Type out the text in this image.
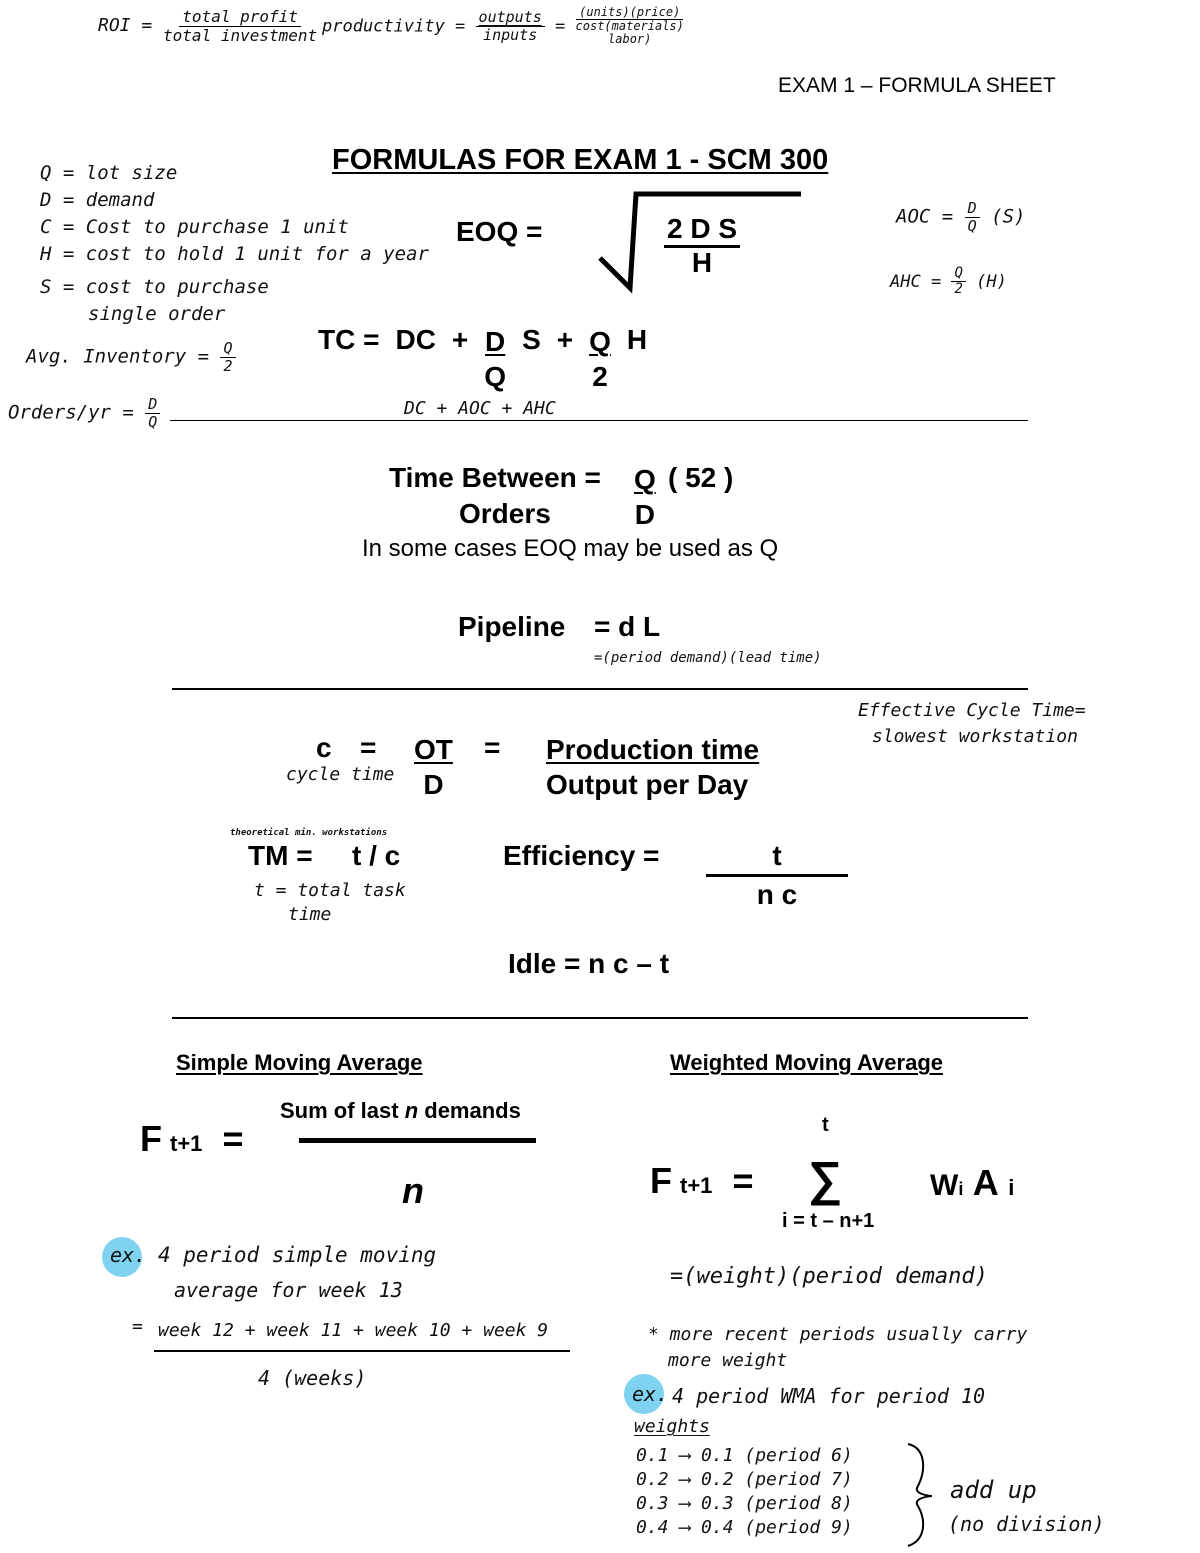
ROI = $\frac{\text{total profit}}{\text{total investment}}$ productivity = $\frac{\text{outputs}}{\text{inputs}}$ =
(units)(price)
cost(materials)
labor)
EXAM 1 – FORMULA SHEET
FORMULAS FOR EXAM 1 - SCM 300
Q = lot size
D = demand
C = Cost to purchase 1 unit
H = cost to hold 1 unit for a year
S = cost to purchase
single order
Avg. Inventory = $\frac{Q}{2}$
Orders/yr = $\frac{D}{Q}$
EOQ =	$\frac{\text{2 D S}}{H}$	AOC = $\frac{D}{Q} (S)$
AHC = $\frac{Q}{2} (H)$
TC = DC + $\frac{D}{Q}$ $S + \frac{Q}{2}$ H
DC + AOC + AHC
Time Between =
Orders	$\frac{Q}{D}$ ( 52 )
In some cases EOQ may be used as Q
Pipeline = d L
=(period demand)(lead time)
$c = \frac{OT}{D} = \frac{\text{Production time}}{\text{Output per Day}}$
cycle time
Effective Cycle Time=
slowest workstation
theoretical min. workstations
TM = t / c
t = total task
time
Efficiency = $\frac{t}{\text{n c}}$
Idle = n c – t
Simple Moving Average
Ft+1 =
Sum of last n demands
n
ex. 4 period simple moving
average for week 13
= week 12 + week 11 + week 10 + week 9
4 (weeks)
Weighted Moving Average
t
Ft+1 = ∑
i = t – n+1
Wi A i
=(weight)(period demand)
* more recent periods usually carry
more weight
ex. 4 period WMA for period 10
weights
0.1 ⟶ 0.1 (period 6)
0.2 ⟶ 0.2 (period 7)
0.3 ⟶ 0.3 (period 8)
0.4 ⟶ 0.4 (period 9)
add up
(no division)
